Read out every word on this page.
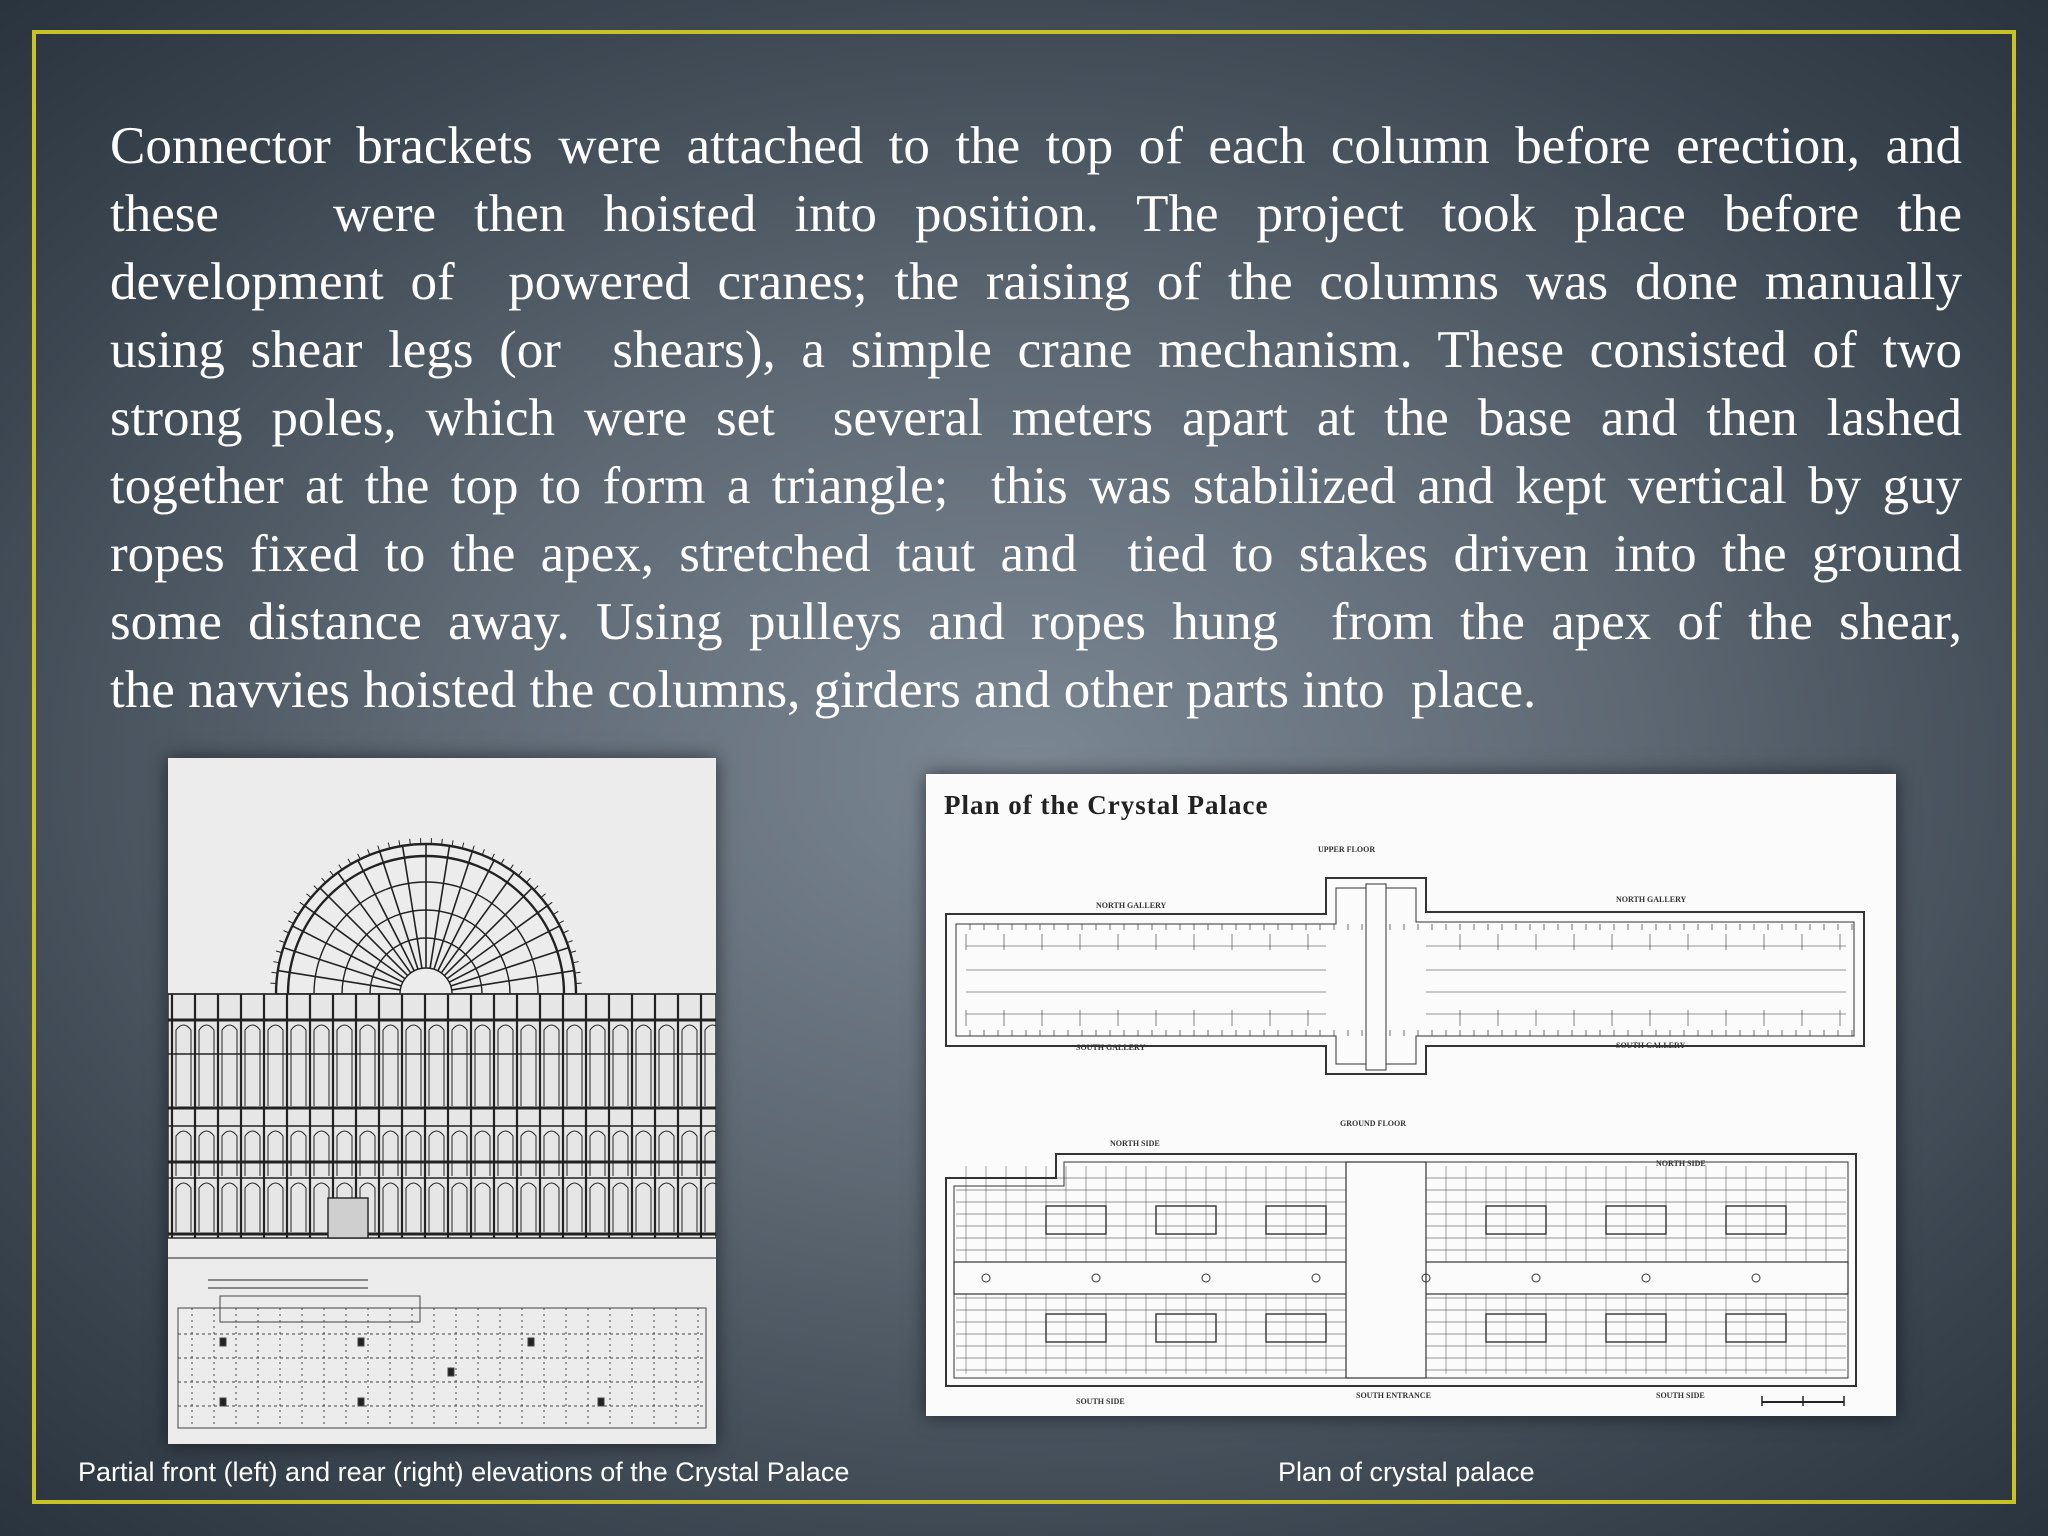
Connector brackets were attached to the top of each column before erection, and
these   were then hoisted into position. The project took place before the
development of  powered cranes; the raising of the columns was done manually
using shear legs (or  shears), a simple crane mechanism. These consisted of two
strong poles, which were set  several meters apart at the base and then lashed
together at the top to form a triangle;  this was stabilized and kept vertical by guy
ropes fixed to the apex, stretched taut and  tied to stakes driven into the ground
some distance away. Using pulleys and ropes hung  from the apex of the shear,
the navvies hoisted the columns, girders and other parts into  place.
Plan of the Crystal Palace
UPPER FLOOR
NORTH GALLERY
NORTH GALLERY
SOUTH GALLERY	SOUTH GALLERY
GROUND FLOOR
NORTH SIDE
NORTH SIDE
SOUTH SIDE
SOUTH ENTRANCE	SOUTH SIDE
Partial front (left) and rear (right) elevations of the Crystal Palace	Plan of crystal palace
